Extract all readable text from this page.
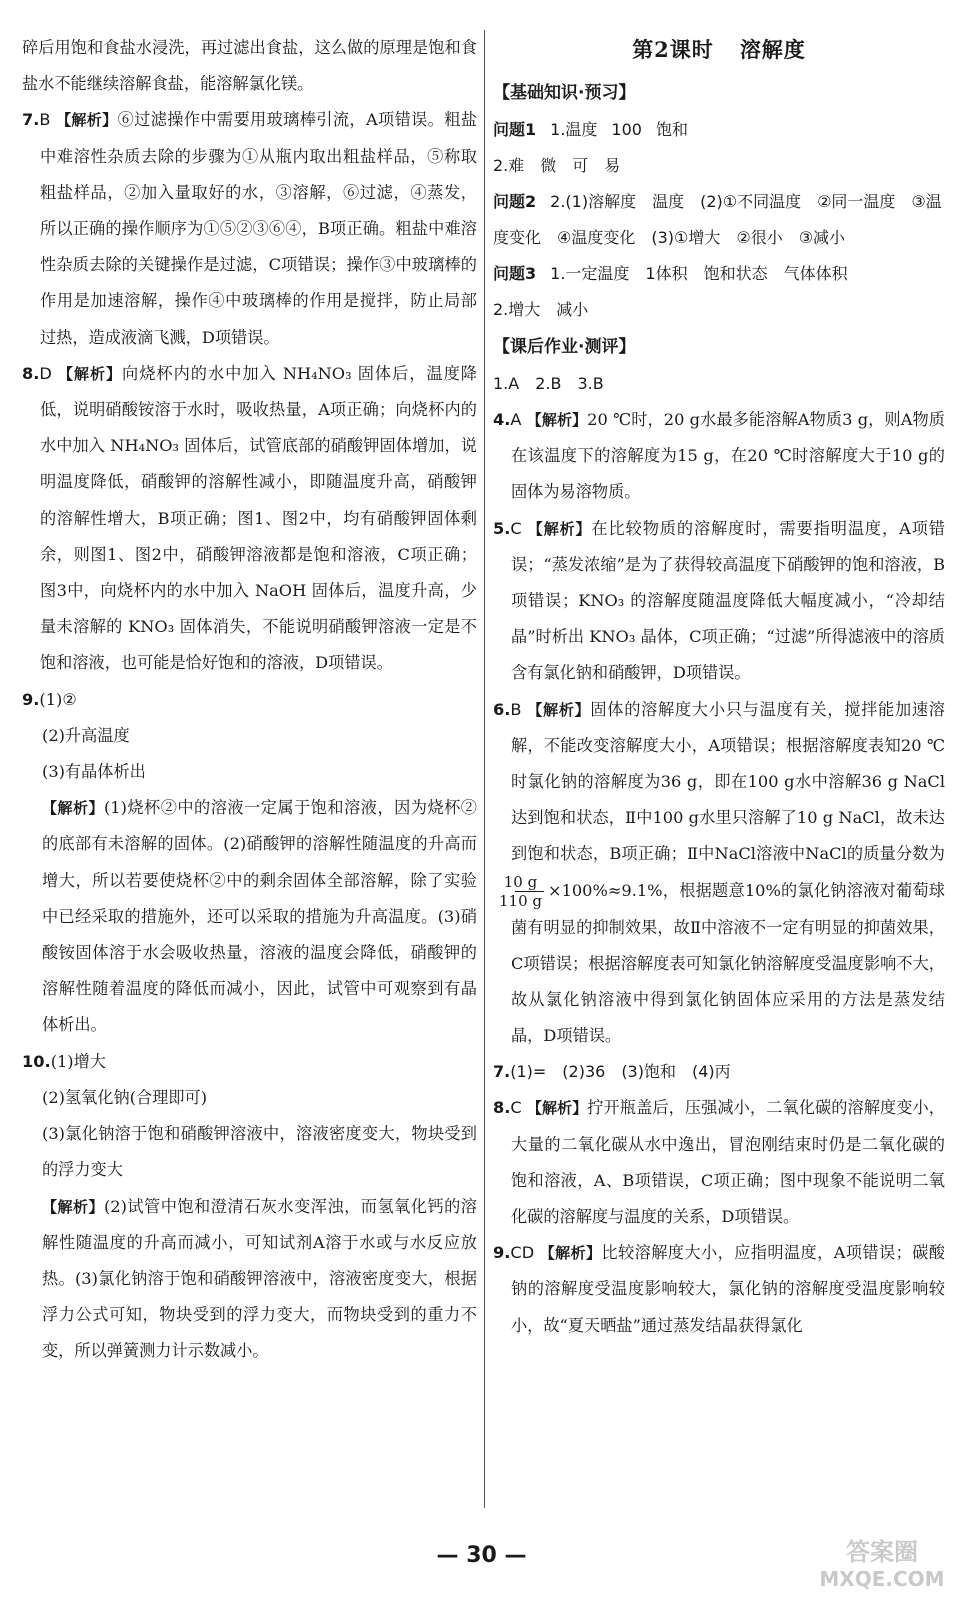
碎后用饱和食盐水浸洗，再过滤出食盐，这么做的原理是饱和食盐水不能继续溶解食盐，能溶解氯化镁。

7.B 【解析】⑥过滤操作中需要用玻璃棒引流，A项错误。粗盐中难溶性杂质去除的步骤为①从瓶内取出粗盐样品，⑤称取粗盐样品，②加入量取好的水，③溶解，⑥过滤，④蒸发，所以正确的操作顺序为①⑤②③⑥④，B项正确。粗盐中难溶性杂质去除的关键操作是过滤，C项错误；操作③中玻璃棒的作用是加速溶解，操作④中玻璃棒的作用是搅拌，防止局部过热，造成液滴飞溅，D项错误。

8.D 【解析】向烧杯内的水中加入 NH₄NO₃ 固体后，温度降低，说明硝酸铵溶于水时，吸收热量，A项正确；向烧杯内的水中加入 NH₄NO₃ 固体后，试管底部的硝酸钾固体增加，说明温度降低，硝酸钾的溶解性减小，即随温度升高，硝酸钾的溶解性增大，B项正确；图1、图2中，均有硝酸钾固体剩余，则图1、图2中，硝酸钾溶液都是饱和溶液，C项正确；图3中，向烧杯内的水中加入 NaOH 固体后，温度升高，少量未溶解的 KNO₃ 固体消失，不能说明硝酸钾溶液一定是不饱和溶液，也可能是恰好饱和的溶液，D项错误。

9.(1)②

(2)升高温度

(3)有晶体析出

【解析】(1)烧杯②中的溶液一定属于饱和溶液，因为烧杯②的底部有未溶解的固体。(2)硝酸钾的溶解性随温度的升高而增大，所以若要使烧杯②中的剩余固体全部溶解，除了实验中已经采取的措施外，还可以采取的措施为升高温度。(3)硝酸铵固体溶于水会吸收热量，溶液的温度会降低，硝酸钾的溶解性随着温度的降低而减小，因此，试管中可观察到有晶体析出。

10.(1)增大

(2)氢氧化钠(合理即可)

(3)氯化钠溶于饱和硝酸钾溶液中，溶液密度变大，物块受到的浮力变大

【解析】(2)试管中饱和澄清石灰水变浑浊，而氢氧化钙的溶解性随温度的升高而减小，可知试剂A溶于水或与水反应放热。(3)氯化钠溶于饱和硝酸钾溶液中，溶液密度变大，根据浮力公式可知，物块受到的浮力变大，而物块受到的重力不变，所以弹簧测力计示数减小。

第2课时 溶解度

【基础知识·预习】

问题1 1.温度 100 饱和

2.难　微　可　易

问题2 2.(1)溶解度　温度　(2)①不同温度　②同一温度　③温度变化　④温度变化　(3)①增大　②很小　③减小

问题3 1.一定温度　1体积　饱和状态　气体体积

2.增大　减小

【课后作业·测评】

1.A　2.B　3.B

4.A 【解析】20 ℃时，20 g水最多能溶解A物质3 g，则A物质在该温度下的溶解度为15 g，在20 ℃时溶解度大于10 g的固体为易溶物质。

5.C 【解析】在比较物质的溶解度时，需要指明温度，A项错误；“蒸发浓缩”是为了获得较高温度下硝酸钾的饱和溶液，B项错误；KNO₃ 的溶解度随温度降低大幅度减小，“冷却结晶”时析出 KNO₃ 晶体，C项正确；“过滤”所得滤液中的溶质含有氯化钠和硝酸钾，D项错误。

6.B 【解析】固体的溶解度大小只与温度有关，搅拌能加速溶解，不能改变溶解度大小，A项错误；根据溶解度表知20 ℃时氯化钠的溶解度为36 g，即在100 g水中溶解36 g NaCl达到饱和状态，Ⅱ中100 g水里只溶解了10 g NaCl，故未达到饱和状态，B项正确；Ⅱ中NaCl溶液中NaCl的质量分数为
$\frac{10 g}{110 g} \times 100\%\approx 9.1\%$，根据题意10%的氯化钠溶液对葡萄球菌有明显的抑制效果，故Ⅱ中溶液不一定有明显的抑菌效果，C项错误；根据溶解度表可知氯化钠溶解度受温度影响不大，故从氯化钠溶液中得到氯化钠固体应采用的方法是蒸发结晶，D项错误。

7.(1)=　(2)36　(3)饱和　(4)丙

8.C 【解析】拧开瓶盖后，压强减小，二氧化碳的溶解度变小，大量的二氧化碳从水中逸出，冒泡刚结束时仍是二氧化碳的饱和溶液，A、B项错误，C项正确；图中现象不能说明二氧化碳的溶解度与温度的关系，D项错误。

9.CD 【解析】比较溶解度大小，应指明温度，A项错误；碳酸钠的溶解度受温度影响较大，氯化钠的溶解度受温度影响较小，故“夏天晒盐”通过蒸发结晶获得氯化

— 30 —	答案圈
MXQE.COM
